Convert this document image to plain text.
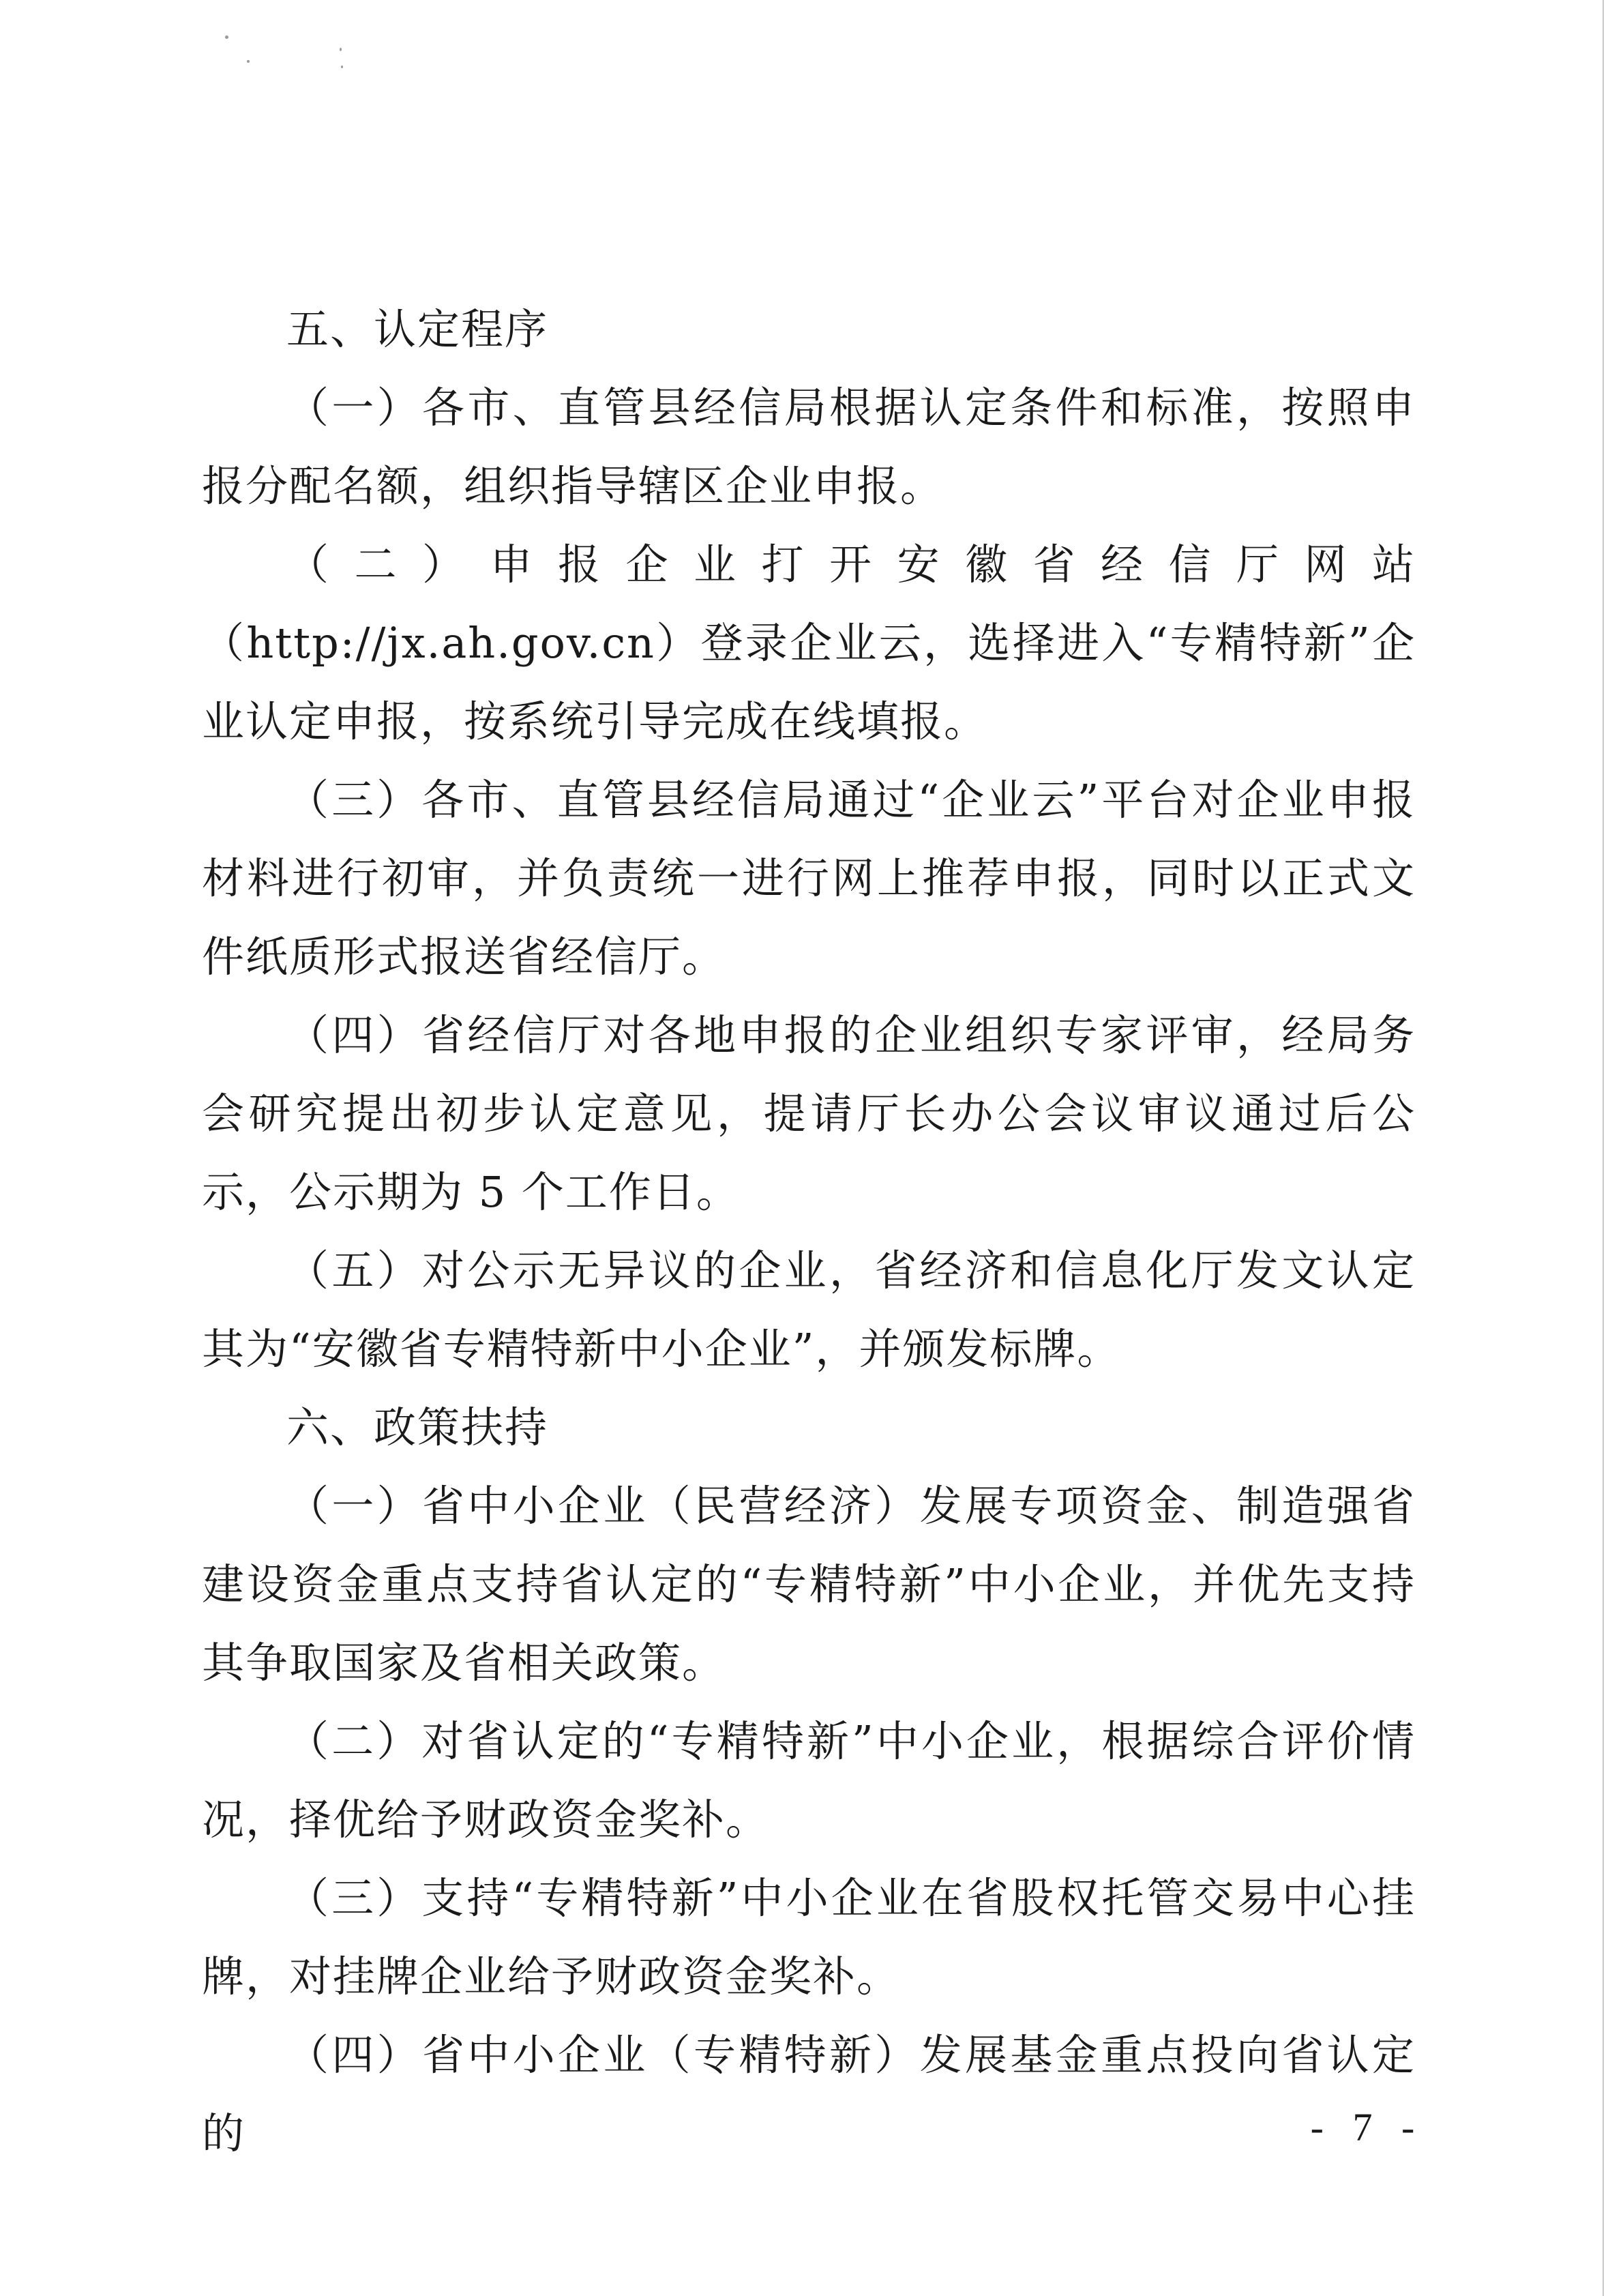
五、认定程序

（一）各市、直管县经信局根据认定条件和标准，按照申报分配名额，组织指导辖区企业申报。

（二）申报企业打开安徽省经信厅网站（http://jx.ah.gov.cn）登录企业云，选择进入“专精特新”企业认定申报，按系统引导完成在线填报。

（三）各市、直管县经信局通过“企业云”平台对企业申报材料进行初审，并负责统一进行网上推荐申报，同时以正式文件纸质形式报送省经信厅。

（四）省经信厅对各地申报的企业组织专家评审，经局务会研究提出初步认定意见，提请厅长办公会议审议通过后公示，公示期为 5 个工作日。

（五）对公示无异议的企业，省经济和信息化厅发文认定其为“安徽省专精特新中小企业”，并颁发标牌。

六、政策扶持

（一）省中小企业（民营经济）发展专项资金、制造强省建设资金重点支持省认定的“专精特新”中小企业，并优先支持其争取国家及省相关政策。

（二）对省认定的“专精特新”中小企业，根据综合评价情况，择优给予财政资金奖补。

（三）支持“专精特新”中小企业在省股权托管交易中心挂牌，对挂牌企业给予财政资金奖补。

（四）省中小企业（专精特新）发展基金重点投向省认定的	- 7 -
